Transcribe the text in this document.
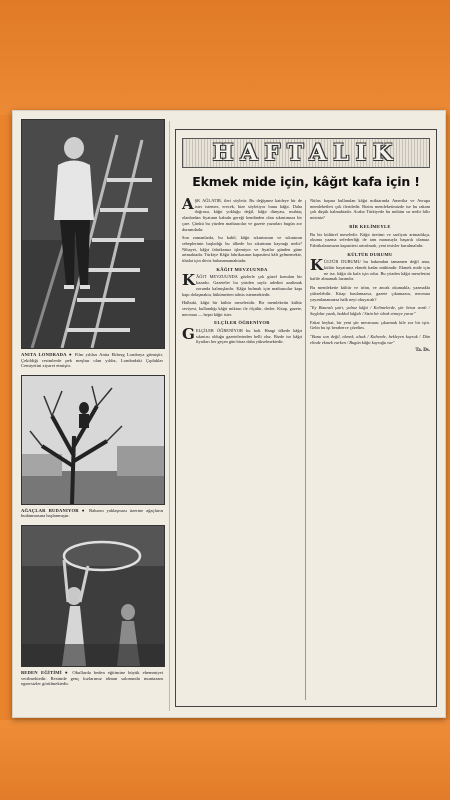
ANITA LONDRADA ● Film yıldızı Anita Ekberg Londraya gitmiştir. Çekildiği resimlerde pek meşhur olan yıldız, Londradaki Çıplaklar Cemiyetini ziyaret etmiştir.
AĞAÇLAR BUDANIYOR ● Baharın yaklaşması üzerine ağaçların budanmasına başlanmıştır.
BEDEN EĞİTİMİ ● Okullarda beden eğitimine büyük ehemmiyet verilmektedir. Resimde genç kızlarımız idman salonunda muntazam egzersizler görülmektedir.
HAFTALIK
Ekmek mide için, kâğıt kafa için !

AŞK AĞLATIR, ileri söyletir. Bu değişmez kaideye bir de ister istemez, erecek, bize söyletiyor bunu kâğıt. Daha doğrusu, kâğıt yokluğu değil, kâğıt dünyası, muhtaç olanlardan fiyatının kabulu gereği kendinden olan sıkıntımıza bir çare. Çünkü bu yüzden matbaacılar ve gazete yazarları bugün zor durumdadır.

Son zamanlarda, bu kabil, kâğıt sıkıntısının ve sıkıntının sebeplerinin başladığı bu ülkede bu sıkıntının kaynağı nedir? Nihayet, kâğıt fabrikamız işlemiyor ve fiyatlar günden güne artmaktadır. Türkiye Kâğıt fabrikasının kapasitesi kâfi gelmemekte, ithalat için döviz bulunamamaktadır.

KÂĞIT MEVZUUNDA

KÂĞIT MEVZUUNDA gözlerle çok güzel konulan bir kazadır. Gazeteler bu yüzden sayfa adedini azaltmak zorunda kalmışlardır. Kâğıt bulmak için matbaacılar kapı kapı dolaşmakta, hükümetten tahsis istenmektedir.

Halbuki, kâğıt bir kültür meselesidir. Bir memleketin kültür seviyesi, kullandığı kâğıt miktarı ile ölçülür, derler. Kitap, gazete, mecmua — hepsi kâğıt ister.

ELÇİLER ÖĞRENİYOR

GELÇİLER ÖĞRENİYOR bu hali. Hangi ülkede kâğıt sıkıntısı olduğu gazetelerinden belli olur. Bizde ise kâğıt fiyatları her geçen gün biraz daha yükselmektedir.

Nüfus başına kullanılan kâğıt miktarında Amerika ve Avrupa memleketleri çok ileridedir. Bizim memleketimizde ise bu rakam çok düşük kalmaktadır. Acaba Türkiyede bu mühim sır nedir bilir misiniz?

BİR KELİMEYLE

Bu bir kültürel meseledir. Kâğıt üretimi ve sarfiyatı artmadıkça, okuma yazma seferberliği de tam manasıyla başarılı olamaz. Fabrikalarımızın kapasitesi artırılmalı, yeni tesisler kurulmalıdır.

KÜLTÜR DURUMU

KÜLTÜR DURUMU bu bakımdan tamamen değil ama, kültür hayatımız ekmek kadar mühimdir. Ekmek mide için ne ise, kâğıt da kafa için odur. Bu yüzden kâğıt meselesini hafife almamak lazımdır.

Bu memlekette kültür ve irfan, ve ancak okumakla, yazmakla yükselebilir. Kitap basılamazsa, gazete çıkamazsa, mecmua yayımlanamazsa halk neyi okuyacak?

"Ey Bizanslı şairi, yalnız kâğıt / Kelimelerde, şiir biraz vardı / Sayfalar yazık, bakkal kâğıdı / Sizin bir idrak etmeye yarar"

Fakat heyhat, bir yeni şiir mecmuası çıkarmak bile zor bir iştir. Gelin bu işi beraberce çözelim.

"Bunu son değil, ekmek, alsak / Kahvede, bekleyen kuyruk / Dün elinde ekmek varken / Bugün kâğıt kuyruğu var"

Ta. Ds.
